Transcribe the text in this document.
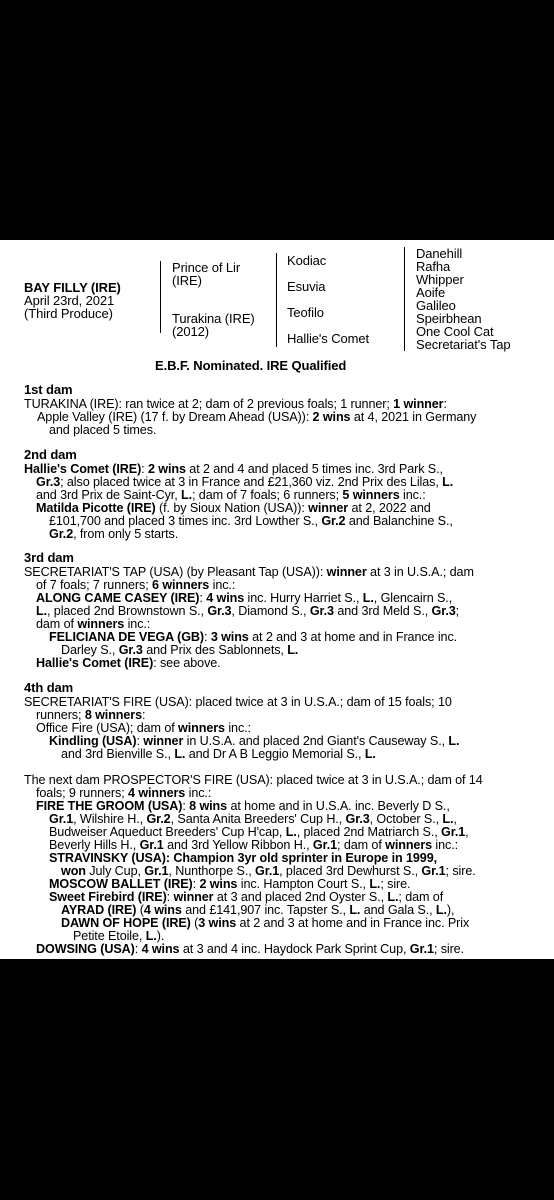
BAY FILLY (IRE)
April 23rd, 2021
(Third Produce)
Prince of Lir
(IRE)
Turakina (IRE)
(2012)
Kodiac
Esuvia
Teofilo
Hallie's Comet
Danehill
Rafha
Whipper
Aoife
Galileo
Speirbhean
One Cool Cat
Secretariat's Tap
E.B.F. Nominated. IRE Qualified
1st dam
TURAKINA (IRE): ran twice at 2; dam of 2 previous foals; 1 runner; 1 winner:
Apple Valley (IRE) (17 f. by Dream Ahead (USA)): 2 wins at 4, 2021 in Germany
and placed 5 times.
2nd dam
Hallie's Comet (IRE): 2 wins at 2 and 4 and placed 5 times inc. 3rd Park S.,
Gr.3; also placed twice at 3 in France and £21,360 viz. 2nd Prix des Lilas, L.
and 3rd Prix de Saint-Cyr, L.; dam of 7 foals; 6 runners; 5 winners inc.:
Matilda Picotte (IRE) (f. by Sioux Nation (USA)): winner at 2, 2022 and
£101,700 and placed 3 times inc. 3rd Lowther S., Gr.2 and Balanchine S.,
Gr.2, from only 5 starts.
3rd dam
SECRETARIAT'S TAP (USA) (by Pleasant Tap (USA)): winner at 3 in U.S.A.; dam
of 7 foals; 7 runners; 6 winners inc.:
ALONG CAME CASEY (IRE): 4 wins inc. Hurry Harriet S., L., Glencairn S.,
L., placed 2nd Brownstown S., Gr.3, Diamond S., Gr.3 and 3rd Meld S., Gr.3;
dam of winners inc.:
FELICIANA DE VEGA (GB): 3 wins at 2 and 3 at home and in France inc.
Darley S., Gr.3 and Prix des Sablonnets, L.
Hallie's Comet (IRE): see above.
4th dam
SECRETARIAT'S FIRE (USA): placed twice at 3 in U.S.A.; dam of 15 foals; 10
runners; 8 winners:
Office Fire (USA); dam of winners inc.:
Kindling (USA): winner in U.S.A. and placed 2nd Giant's Causeway S., L.
and 3rd Bienville S., L. and Dr A B Leggio Memorial S., L.
The next dam PROSPECTOR'S FIRE (USA): placed twice at 3 in U.S.A.; dam of 14
foals; 9 runners; 4 winners inc.:
FIRE THE GROOM (USA): 8 wins at home and in U.S.A. inc. Beverly D S.,
Gr.1, Wilshire H., Gr.2, Santa Anita Breeders' Cup H., Gr.3, October S., L.,
Budweiser Aqueduct Breeders' Cup H'cap, L., placed 2nd Matriarch S., Gr.1,
Beverly Hills H., Gr.1 and 3rd Yellow Ribbon H., Gr.1; dam of winners inc.:
STRAVINSKY (USA): Champion 3yr old sprinter in Europe in 1999,
won July Cup, Gr.1, Nunthorpe S., Gr.1, placed 3rd Dewhurst S., Gr.1; sire.
MOSCOW BALLET (IRE): 2 wins inc. Hampton Court S., L.; sire.
Sweet Firebird (IRE): winner at 3 and placed 2nd Oyster S., L.; dam of
AYRAD (IRE) (4 wins and £141,907 inc. Tapster S., L. and Gala S., L.),
DAWN OF HOPE (IRE) (3 wins at 2 and 3 at home and in France inc. Prix
Petite Etoile, L.).
DOWSING (USA): 4 wins at 3 and 4 inc. Haydock Park Sprint Cup, Gr.1; sire.
